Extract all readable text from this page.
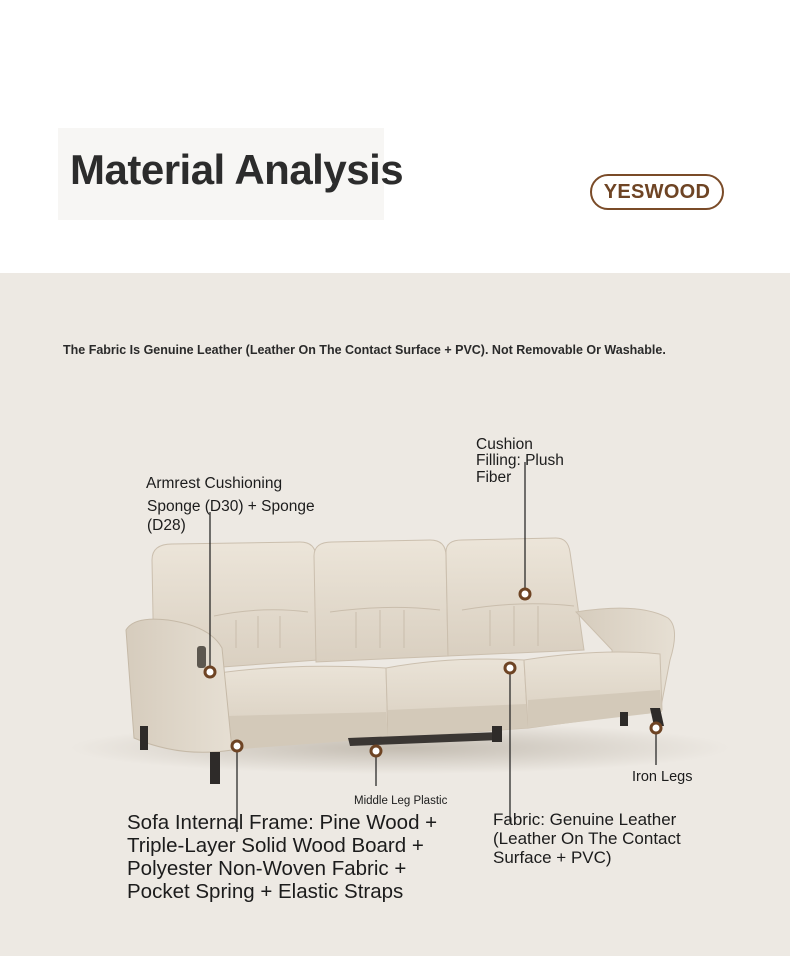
Material Analysis	YESWOOD
The Fabric Is Genuine Leather (Leather On The Contact Surface + PVC). Not Removable Or Washable.
Armrest Cushioning
Sponge (D30) + Sponge (D28)
Cushion Filling: Plush Fiber
Iron Legs
Middle Leg Plastic
Sofa Internal Frame: Pine Wood + Triple-Layer Solid Wood Board + Polyester Non-Woven Fabric + Pocket Spring + Elastic Straps
Fabric: Genuine Leather (Leather On The Contact Surface + PVC)
